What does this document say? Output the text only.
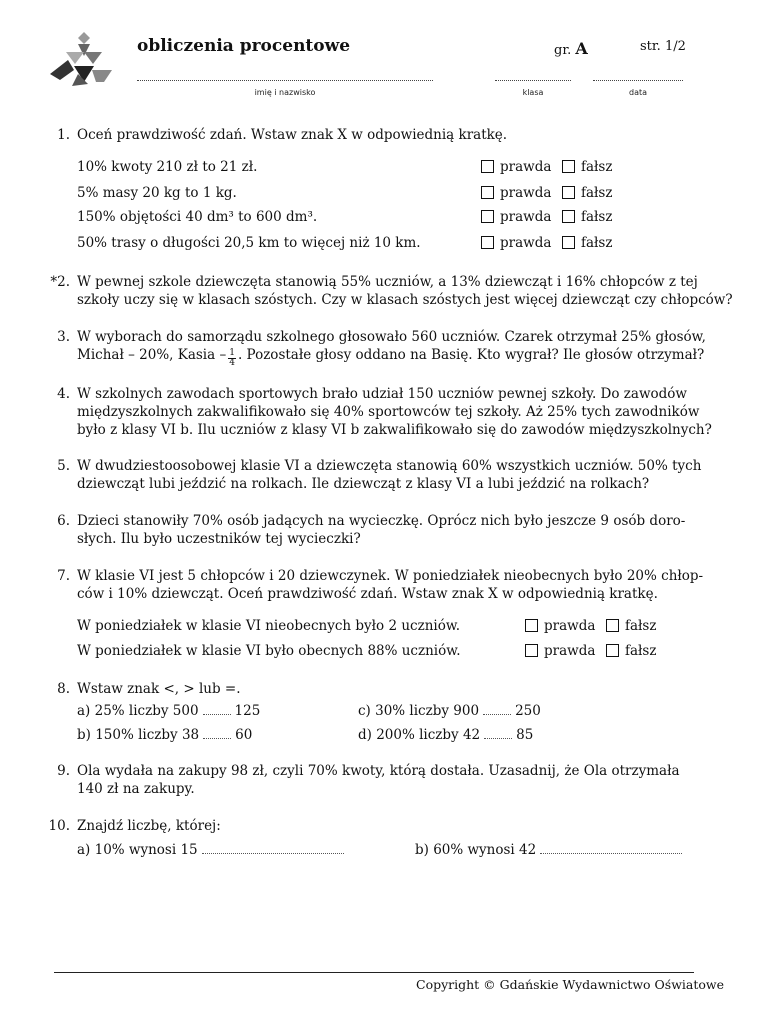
obliczenia procentowe	gr. A	str. 1/2
imię i nazwisko	klasa	data
1. Oceń prawdziwość zdań. Wstaw znak X w odpowiednią kratkę.
10% kwoty 210 zł to 21 zł.	prawda	fałsz
5% masy 20 kg to 1 kg.	prawda	fałsz
150% objętości 40 dm³ to 600 dm³.	prawda	fałsz
50% trasy o długości 20,5 km to więcej niż 10 km.	prawda	fałsz
*2. W pewnej szkole dziewczęta stanowią 55% uczniów, a 13% dziewcząt i 16% chłopców z tej
szkoły uczy się w klasach szóstych. Czy w klasach szóstych jest więcej dziewcząt czy chłopców?
3. W wyborach do samorządu szkolnego głosowało 560 uczniów. Czarek otrzymał 25% głosów,
Michał – 20%, Kasia – $\frac{1}{4}$ . Pozostałe głosy oddano na Basię. Kto wygrał? Ile głosów otrzymał?
4. W szkolnych zawodach sportowych brało udział 150 uczniów pewnej szkoły. Do zawodów
międzyszkolnych zakwalifikowało się 40% sportowców tej szkoły. Aż 25% tych zawodników
było z klasy VI b. Ilu uczniów z klasy VI b zakwalifikowało się do zawodów międzyszkolnych?
5. W dwudziestoosobowej klasie VI a dziewczęta stanowią 60% wszystkich uczniów. 50% tych
dziewcząt lubi jeździć na rolkach. Ile dziewcząt z klasy VI a lubi jeździć na rolkach?
6. Dzieci stanowiły 70% osób jadących na wycieczkę. Oprócz nich było jeszcze 9 osób doro-
słych. Ilu było uczestników tej wycieczki?
7. W klasie VI jest 5 chłopców i 20 dziewczynek. W poniedziałek nieobecnych było 20% chłop-
ców i 10% dziewcząt. Oceń prawdziwość zdań. Wstaw znak X w odpowiednią kratkę.
W poniedziałek w klasie VI nieobecnych było 2 uczniów.	prawda	fałsz
W poniedziałek w klasie VI było obecnych 88% uczniów.	prawda	fałsz
8. Wstaw znak <, > lub =.
a) 25% liczby 500	125
b) 150% liczby 38	60
c) 30% liczby 900	250
d) 200% liczby 42	85
9. Ola wydała na zakupy 98 zł, czyli 70% kwoty, którą dostała. Uzasadnij, że Ola otrzymała
140 zł na zakupy.
10. Znajdź liczbę, której:
a) 10% wynosi 15	b) 60% wynosi 42
Copyright © Gdańskie Wydawnictwo Oświatowe
